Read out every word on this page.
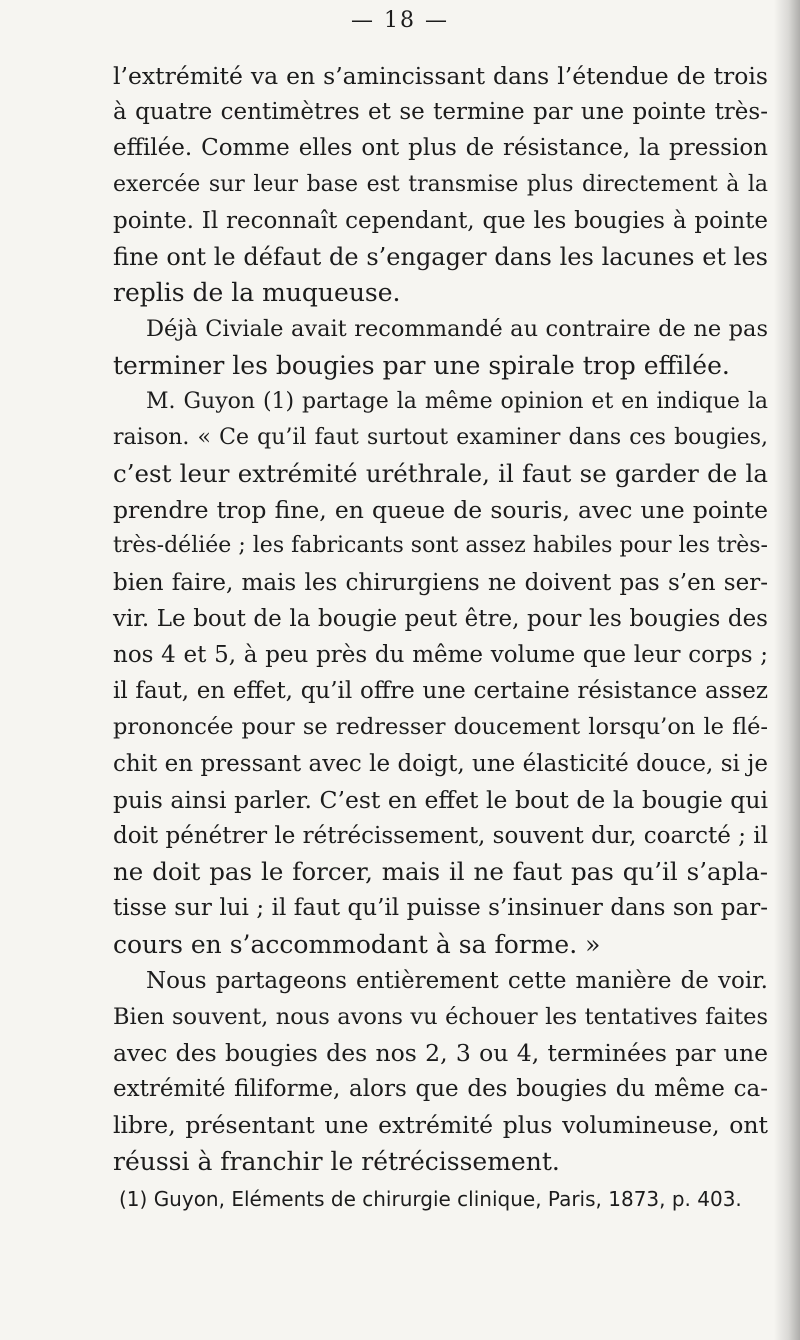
— 18 —
l’extrémité va en s’amincissant dans l’étendue de trois
à quatre centimètres et se termine par une pointe très-
effilée. Comme elles ont plus de résistance, la pression
exercée sur leur base est transmise plus directement à la
pointe. Il reconnaît cependant, que les bougies à pointe
fine ont le défaut de s’engager dans les lacunes et les
replis de la muqueuse.
Déjà Civiale avait recommandé au contraire de ne pas
terminer les bougies par une spirale trop effilée.
M. Guyon (1) partage la même opinion et en indique la
raison. « Ce qu’il faut surtout examiner dans ces bougies,
c’est leur extrémité uréthrale, il faut se garder de la
prendre trop fine, en queue de souris, avec une pointe
très-déliée ; les fabricants sont assez habiles pour les très-
bien faire, mais les chirurgiens ne doivent pas s’en ser-
vir. Le bout de la bougie peut être, pour les bougies des
nos 4 et 5, à peu près du même volume que leur corps ;
il faut, en effet, qu’il offre une certaine résistance assez
prononcée pour se redresser doucement lorsqu’on le flé-
chit en pressant avec le doigt, une élasticité douce, si je
puis ainsi parler. C’est en effet le bout de la bougie qui
doit pénétrer le rétrécissement, souvent dur, coarcté ; il
ne doit pas le forcer, mais il ne faut pas qu’il s’apla-
tisse sur lui ; il faut qu’il puisse s’insinuer dans son par-
cours en s’accommodant à sa forme. »
Nous partageons entièrement cette manière de voir.
Bien souvent, nous avons vu échouer les tentatives faites
avec des bougies des nos 2, 3 ou 4, terminées par une
extrémité filiforme, alors que des bougies du même ca-
libre, présentant une extrémité plus volumineuse, ont
réussi à franchir le rétrécissement.
(1) Guyon, Eléments de chirurgie clinique, Paris, 1873, p. 403.
